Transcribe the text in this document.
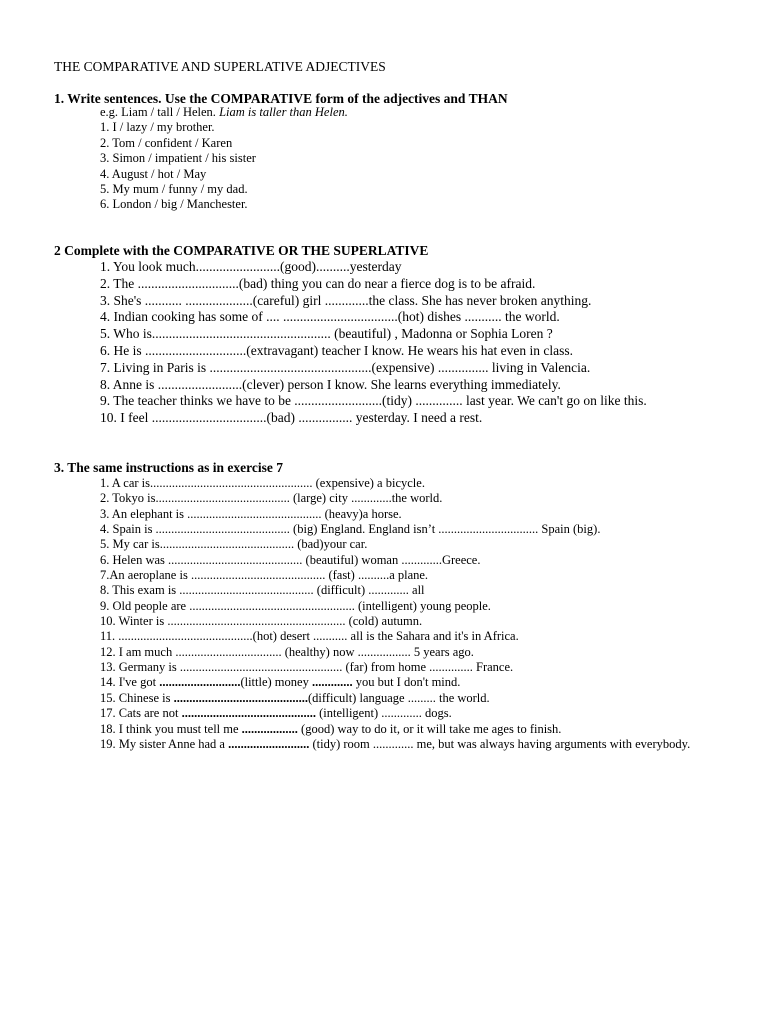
THE COMPARATIVE AND SUPERLATIVE ADJECTIVES
1. Write sentences. Use the COMPARATIVE form of the adjectives and THAN
e.g. Liam / tall / Helen. Liam is taller than Helen.
1. I / lazy / my brother.
2. Tom / confident / Karen
3. Simon / impatient / his sister
4. August / hot / May
5. My mum / funny / my dad.
6. London / big / Manchester.
2 Complete with the COMPARATIVE OR THE SUPERLATIVE
1. You look much.........................(good)..........yesterday
2. The ..............................(bad) thing you can do near a fierce dog is to be afraid.
3. She's ........... ....................(careful) girl .............the class. She has never broken anything.
4. Indian cooking has some of .... ..................................(hot) dishes ........... the world.
5. Who is..................................................... (beautiful) , Madonna or Sophia Loren ?
6. He is ..............................(extravagant) teacher I know. He wears his hat even in class.
7. Living in Paris is ................................................(expensive) ............... living in Valencia.
8. Anne is .........................(clever) person I know. She learns everything immediately.
9. The teacher thinks we have to be ..........................(tidy) .............. last year. We can't go on like this.
10. I feel ..................................(bad) ................ yesterday. I need a rest.
3. The same instructions as in exercise 7
1. A car is.................................................... (expensive) a bicycle.
2. Tokyo is........................................... (large) city .............the world.
3. An elephant is ........................................... (heavy)a horse.
4. Spain is ........................................... (big) England. England isn’t ................................ Spain (big).
5. My car is........................................... (bad)your car.
6. Helen was ........................................... (beautiful) woman .............Greece.
7.An aeroplane is ........................................... (fast) ..........a plane.
8. This exam is ........................................... (difficult) ............. all
9. Old people are ..................................................... (intelligent) young people.
10. Winter is ......................................................... (cold) autumn.
11. ...........................................(hot) desert ........... all is the Sahara and it's in Africa.
12. I am much .................................. (healthy) now ................. 5 years ago.
13. Germany is .................................................... (far) from home .............. France.
14. I've got ..........................(little) money ............. you but I don't mind.
15. Chinese is ...........................................(difficult) language ......... the world.
17. Cats are not ........................................... (intelligent) ............. dogs.
18. I think you must tell me .................. (good) way to do it, or it will take me ages to finish.
19. My sister Anne had a .......................... (tidy) room ............. me, but was always having arguments with everybody.
